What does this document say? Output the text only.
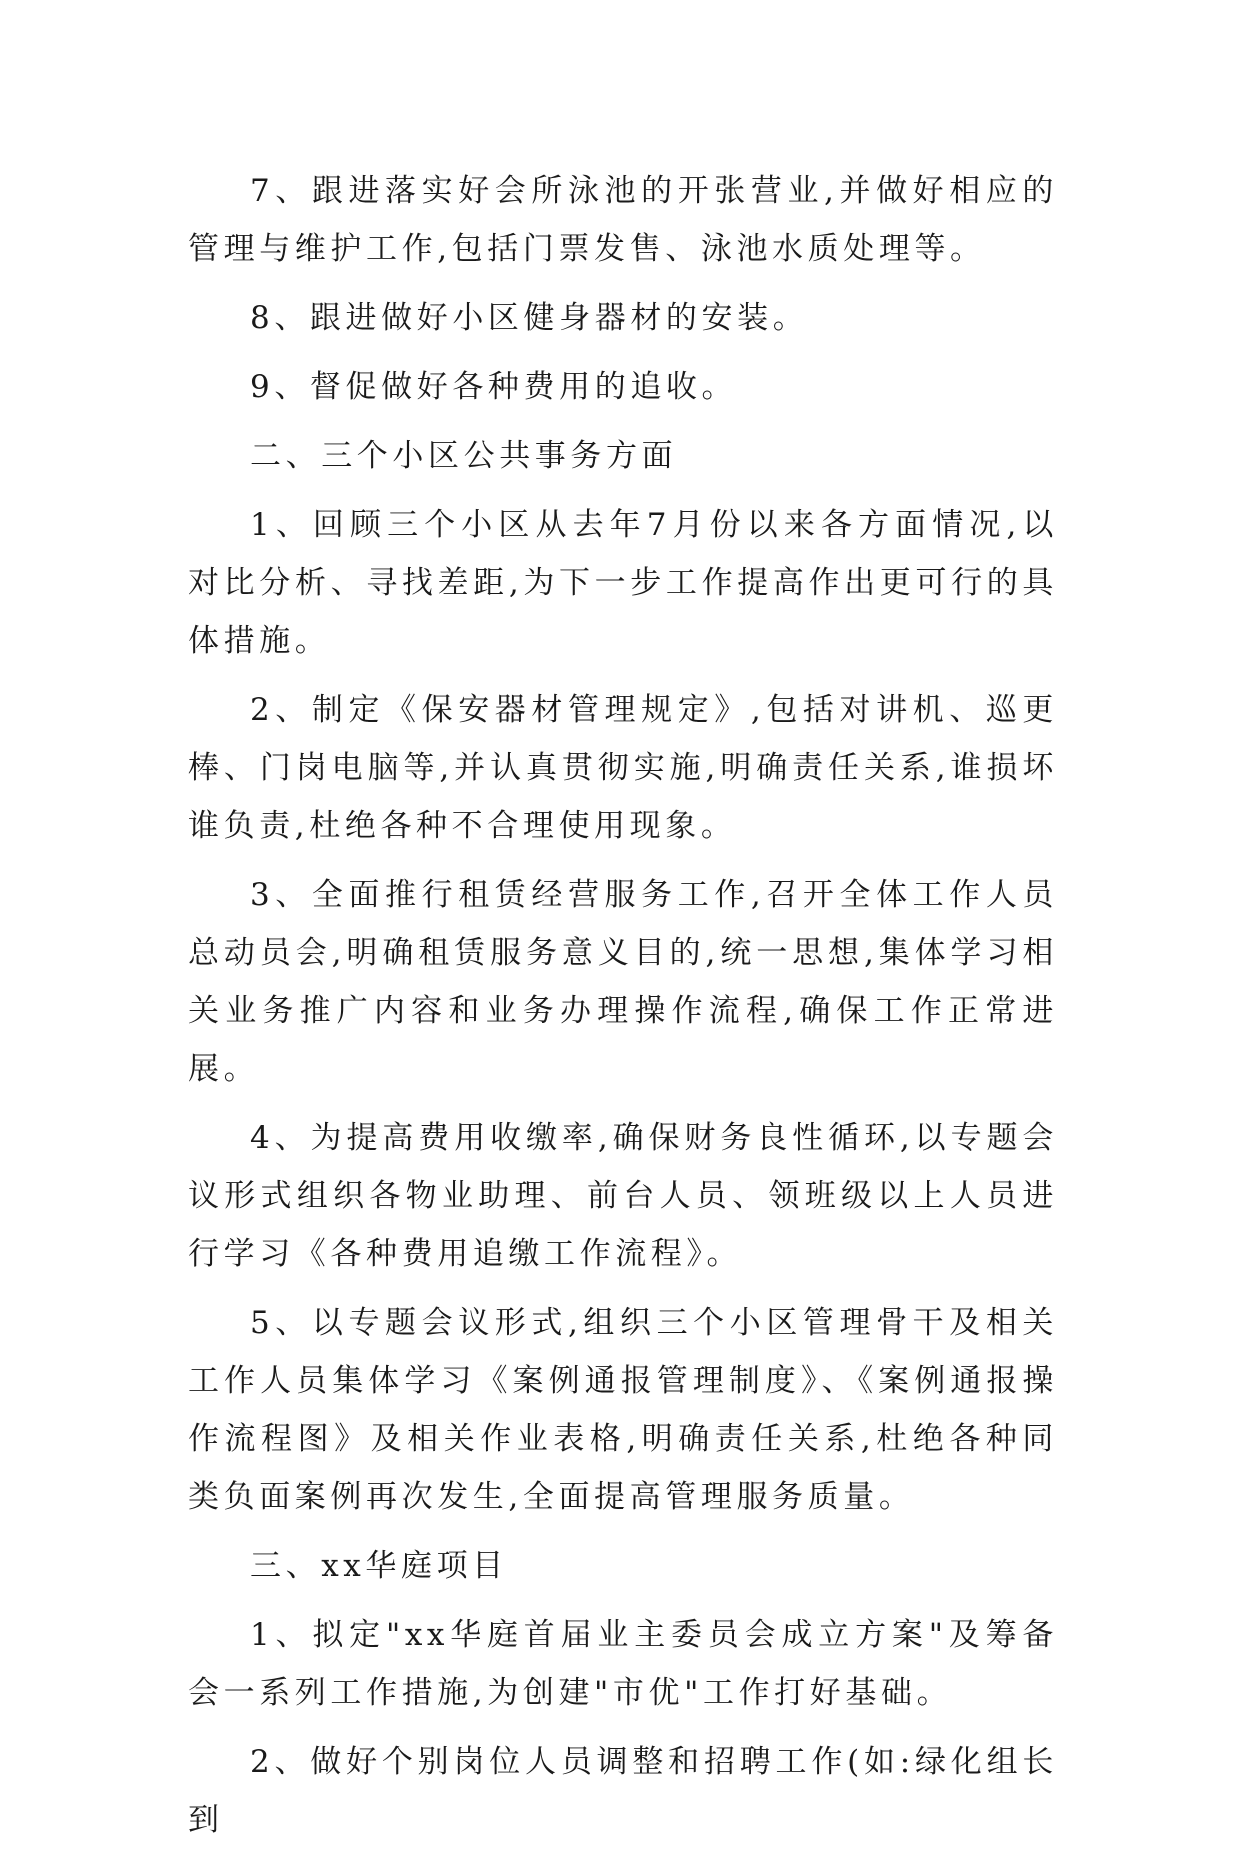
7、跟进落实好会所泳池的开张营业,并做好相应的管理与维护工作,包括门票发售、泳池水质处理等。

8、跟进做好小区健身器材的安装。

9、督促做好各种费用的追收。

二、三个小区公共事务方面

1、回顾三个小区从去年7月份以来各方面情况,以对比分析、寻找差距,为下一步工作提高作出更可行的具体措施。

2、制定《保安器材管理规定》,包括对讲机、巡更棒、门岗电脑等,并认真贯彻实施,明确责任关系,谁损坏谁负责,杜绝各种不合理使用现象。

3、全面推行租赁经营服务工作,召开全体工作人员总动员会,明确租赁服务意义目的,统一思想,集体学习相关业务推广内容和业务办理操作流程,确保工作正常进展。

4、为提高费用收缴率,确保财务良性循环,以专题会议形式组织各物业助理、前台人员、领班级以上人员进行学习《各种费用追缴工作流程》。

5、以专题会议形式,组织三个小区管理骨干及相关工作人员集体学习《案例通报管理制度》、《案例通报操作流程图》及相关作业表格,明确责任关系,杜绝各种同类负面案例再次发生,全面提高管理服务质量。

三、xx华庭项目

1、拟定"xx华庭首届业主委员会成立方案"及筹备会一系列工作措施,为创建"市优"工作打好基础。

2、做好个别岗位人员调整和招聘工作(如:绿化组长到
